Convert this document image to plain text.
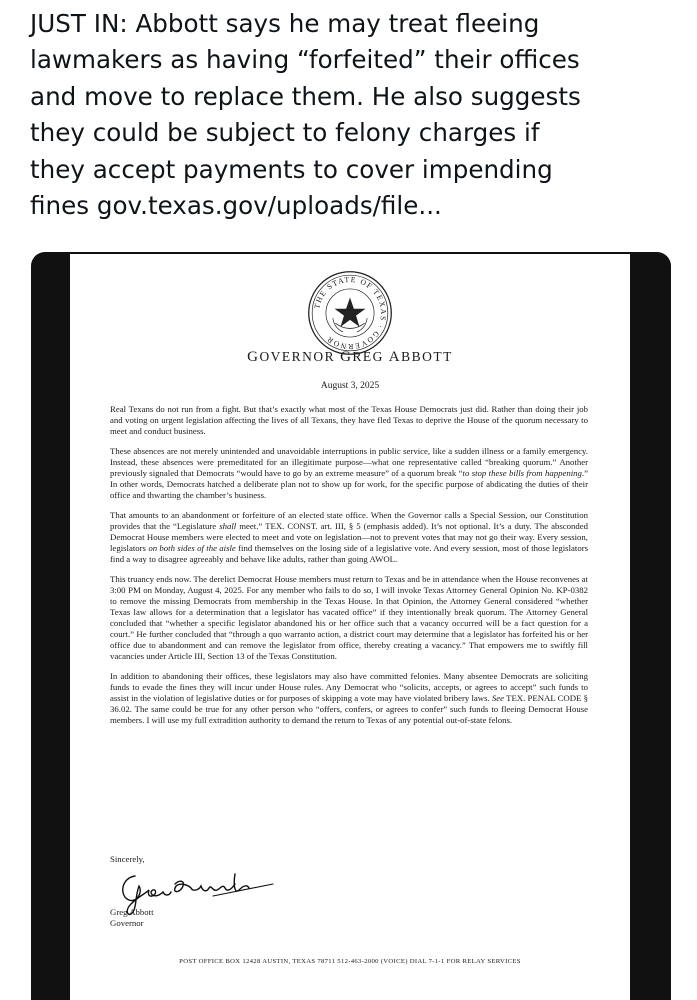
JUST IN: Abbott says he may treat fleeing
lawmakers as having “forfeited” their offices
and move to replace them. He also suggests
they could be subject to felony charges if
they accept payments to cover impending
fines gov.texas.gov/uploads/file...
THE STATE OF TEXAS · GOVERNOR
GOVERNOR GREG ABBOTT
August 3, 2025

Real Texans do not run from a fight. But that’s exactly what most of the Texas House Democrats just did. Rather than doing their job and voting on urgent legislation affecting the lives of all Texans, they have fled Texas to deprive the House of the quorum necessary to meet and conduct business.

These absences are not merely unintended and unavoidable interruptions in public service, like a sudden illness or a family emergency. Instead, these absences were premeditated for an illegitimate purpose—what one representative called “breaking quorum.” Another previously signaled that Democrats “would have to go by an extreme measure” of a quorum break “to stop these bills from happening.” In other words, Democrats hatched a deliberate plan not to show up for work, for the specific purpose of abdicating the duties of their office and thwarting the chamber’s business.

That amounts to an abandonment or forfeiture of an elected state office. When the Governor calls a Special Session, our Constitution provides that the “Legislature shall meet.” TEX. CONST. art. III, § 5 (emphasis added). It’s not optional. It’s a duty. The absconded Democrat House members were elected to meet and vote on legislation—not to prevent votes that may not go their way. Every session, legislators on both sides of the aisle find themselves on the losing side of a legislative vote. And every session, most of those legislators find a way to disagree agreeably and behave like adults, rather than going AWOL.

This truancy ends now. The derelict Democrat House members must return to Texas and be in attendance when the House reconvenes at 3:00 PM on Monday, August 4, 2025. For any member who fails to do so, I will invoke Texas Attorney General Opinion No. KP-0382 to remove the missing Democrats from membership in the Texas House. In that Opinion, the Attorney General considered “whether Texas law allows for a determination that a legislator has vacated office” if they intentionally break quorum. The Attorney General concluded that “whether a specific legislator abandoned his or her office such that a vacancy occurred will be a fact question for a court.” He further concluded that “through a quo warranto action, a district court may determine that a legislator has forfeited his or her office due to abandonment and can remove the legislator from office, thereby creating a vacancy.” That empowers me to swiftly fill vacancies under Article III, Section 13 of the Texas Constitution.

In addition to abandoning their offices, these legislators may also have committed felonies. Many absentee Democrats are soliciting funds to evade the fines they will incur under House rules. Any Democrat who “solicits, accepts, or agrees to accept” such funds to assist in the violation of legislative duties or for purposes of skipping a vote may have violated bribery laws. See TEX. PENAL CODE § 36.02. The same could be true for any other person who “offers, confers, or agrees to confer” such funds to fleeing Democrat House members. I will use my full extradition authority to demand the return to Texas of any potential out-of-state felons.

Sincerely,
Greg Abbott
Governor
POST OFFICE BOX 12428 AUSTIN, TEXAS 78711 512-463-2000 (VOICE) DIAL 7-1-1 FOR RELAY SERVICES
